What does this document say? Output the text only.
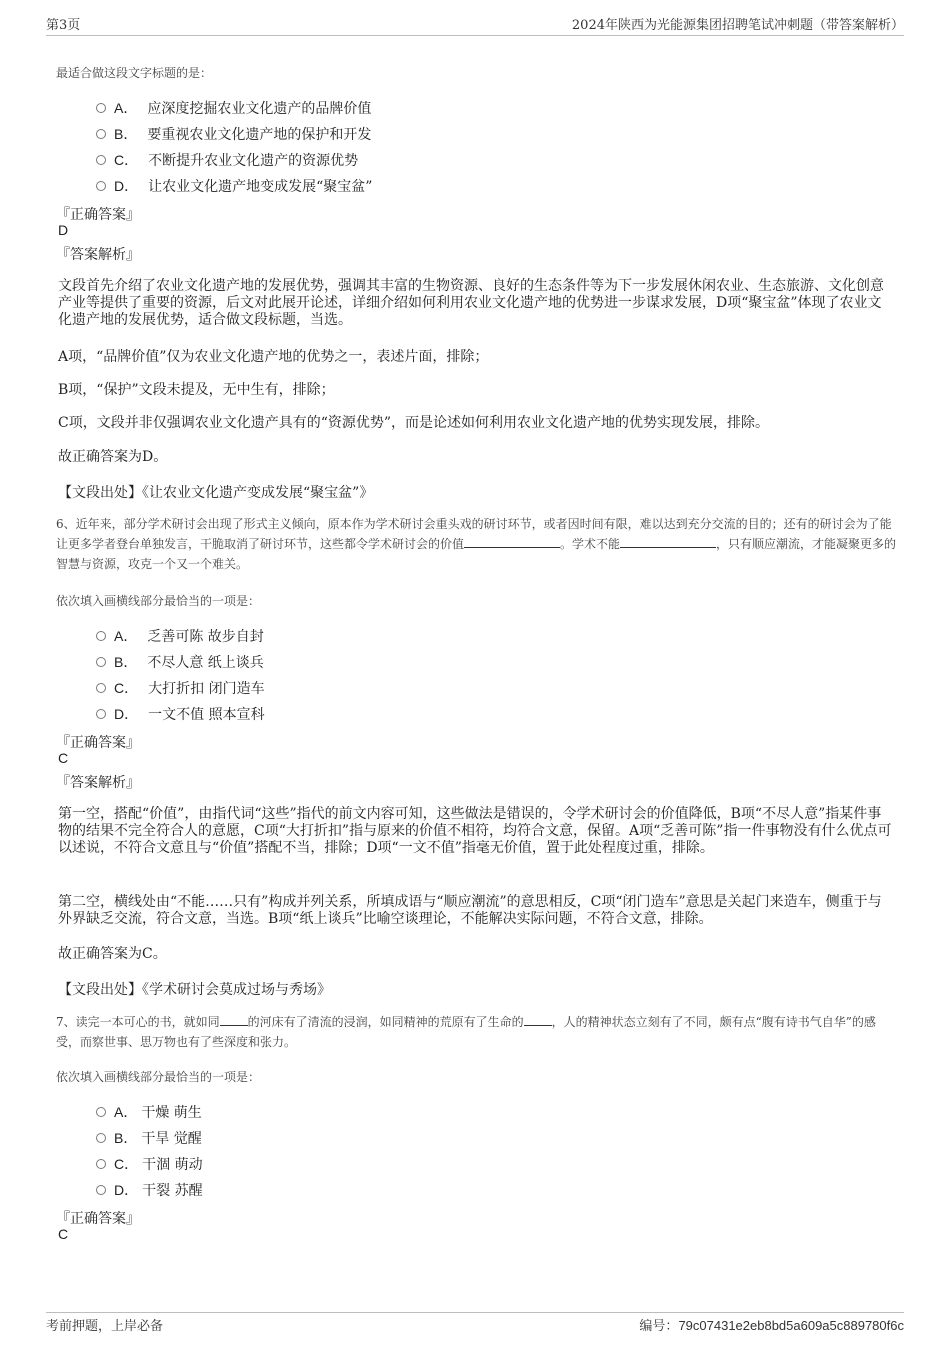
第3页	2024年陕西为光能源集团招聘笔试冲刺题（带答案解析）
最适合做这段文字标题的是：
A． 应深度挖掘农业文化遗产的品牌价值
B． 要重视农业文化遗产地的保护和开发
C． 不断提升农业文化遗产的资源优势
D． 让农业文化遗产地变成发展“聚宝盆”
『正确答案』
D
『答案解析』
文段首先介绍了农业文化遗产地的发展优势，强调其丰富的生物资源、良好的生态条件等为下一步发展休闲农业、生态旅游、文化创意产业等提供了重要的资源，后文对此展开论述，详细介绍如何利用农业文化遗产地的优势进一步谋求发展，D项“聚宝盆”体现了农业文化遗产地的发展优势，适合做文段标题，当选。
A项，“品牌价值”仅为农业文化遗产地的优势之一，表述片面，排除；
B项，“保护”文段未提及，无中生有，排除；
C项，文段并非仅强调农业文化遗产具有的“资源优势”，而是论述如何利用农业文化遗产地的优势实现发展，排除。
故正确答案为D。
【文段出处】《让农业文化遗产变成发展“聚宝盆”》
6、近年来，部分学术研讨会出现了形式主义倾向，原本作为学术研讨会重头戏的研讨环节，或者因时间有限，难以达到充分交流的目的；还有的研讨会为了能让更多学者登台单独发言，干脆取消了研讨环节，这些都令学术研讨会的价值	。学术不能	，只有顺应潮流，才能凝聚更多的智慧与资源，攻克一个又一个难关。
依次填入画横线部分最恰当的一项是：
A． 乏善可陈 故步自封
B． 不尽人意 纸上谈兵
C． 大打折扣 闭门造车
D． 一文不值 照本宣科
『正确答案』
C
『答案解析』
第一空，搭配“价值”，由指代词“这些”指代的前文内容可知，这些做法是错误的，令学术研讨会的价值降低，B项“不尽人意”指某件事物的结果不完全符合人的意愿，C项“大打折扣”指与原来的价值不相符，均符合文意，保留。A项“乏善可陈”指一件事物没有什么优点可以述说，不符合文意且与“价值”搭配不当，排除；D项“一文不值”指毫无价值，置于此处程度过重，排除。
第二空，横线处由“不能……只有”构成并列关系，所填成语与“顺应潮流”的意思相反，C项“闭门造车”意思是关起门来造车，侧重于与外界缺乏交流，符合文意，当选。B项“纸上谈兵”比喻空谈理论，不能解决实际问题，不符合文意，排除。
故正确答案为C。
【文段出处】《学术研讨会莫成过场与秀场》
7、读完一本可心的书，就如同 的河床有了清流的浸润，如同精神的荒原有了生命的 ，人的精神状态立刻有了不同，颇有点“腹有诗书气自华”的感受，而察世事、思万物也有了些深度和张力。
依次填入画横线部分最恰当的一项是：
A． 干燥 萌生
B． 干旱 觉醒
C． 干涸 萌动
D． 干裂 苏醒
『正确答案』
C
考前押题，上岸必备	编号：79c07431e2eb8bd5a609a5c889780f6c
